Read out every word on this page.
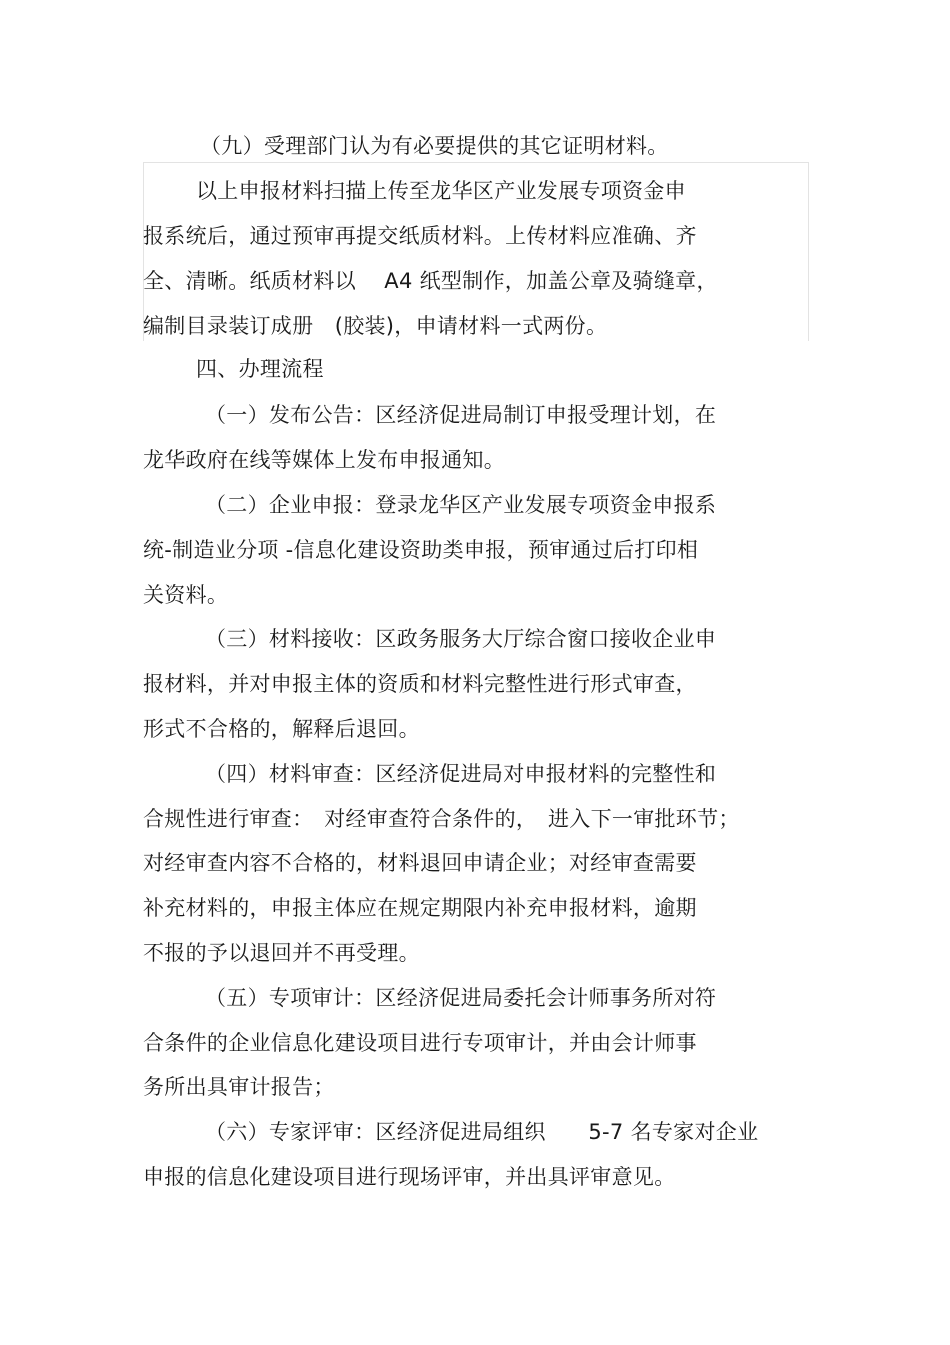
（九）受理部门认为有必要提供的其它证明材料。
以上申报材料扫描上传至龙华区产业发展专项资金申
报系统后，通过预审再提交纸质材料。上传材料应准确、齐
全、清晰。纸质材料以　 A4 纸型制作，加盖公章及骑缝章，
编制目录装订成册　(胶装)，申请材料一式两份。
四、办理流程
（一）发布公告：区经济促进局制订申报受理计划，在
龙华政府在线等媒体上发布申报通知。
（二）企业申报：登录龙华区产业发展专项资金申报系
统-制造业分项 -信息化建设资助类申报，预审通过后打印相
关资料。
（三）材料接收：区政务服务大厅综合窗口接收企业申
报材料，并对申报主体的资质和材料完整性进行形式审查，
形式不合格的，解释后退回。
（四）材料审查：区经济促进局对申报材料的完整性和
合规性进行审查：　对经审查符合条件的，　进入下一审批环节；
对经审查内容不合格的，材料退回申请企业；对经审查需要
补充材料的，申报主体应在规定期限内补充申报材料，逾期
不报的予以退回并不再受理。
（五）专项审计：区经济促进局委托会计师事务所对符
合条件的企业信息化建设项目进行专项审计，并由会计师事
务所出具审计报告；
（六）专家评审：区经济促进局组织　　5-7 名专家对企业
申报的信息化建设项目进行现场评审，并出具评审意见。
